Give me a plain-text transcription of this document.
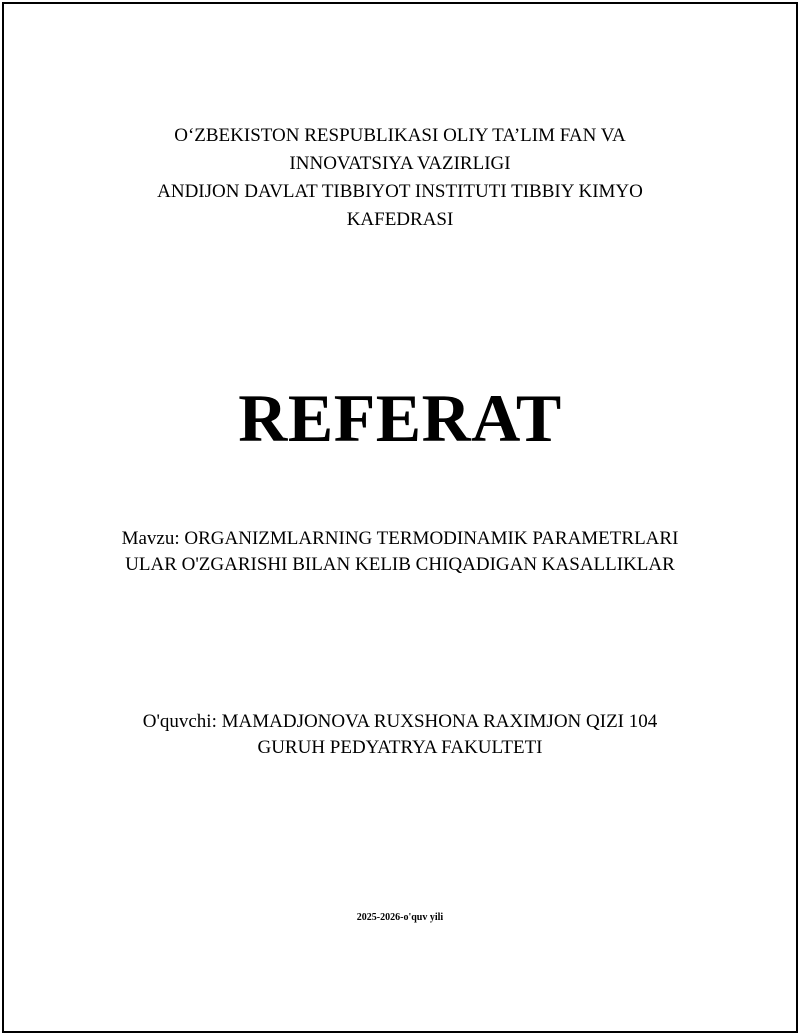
O‘ZBEKISTON RESPUBLIKASI OLIY TA’LIM FAN VA
INNOVATSIYA VAZIRLIGI
ANDIJON DAVLAT TIBBIYOT INSTITUTI TIBBIY KIMYO
KAFEDRASI
REFERAT
Mavzu: ORGANIZMLARNING TERMODINAMIK PARAMETRLARI
ULAR O'ZGARISHI BILAN KELIB CHIQADIGAN KASALLIKLAR
O'quvchi: MAMADJONOVA RUXSHONA RAXIMJON QIZI 104
GURUH PEDYATRYA FAKULTETI
2025-2026-o'quv yili
